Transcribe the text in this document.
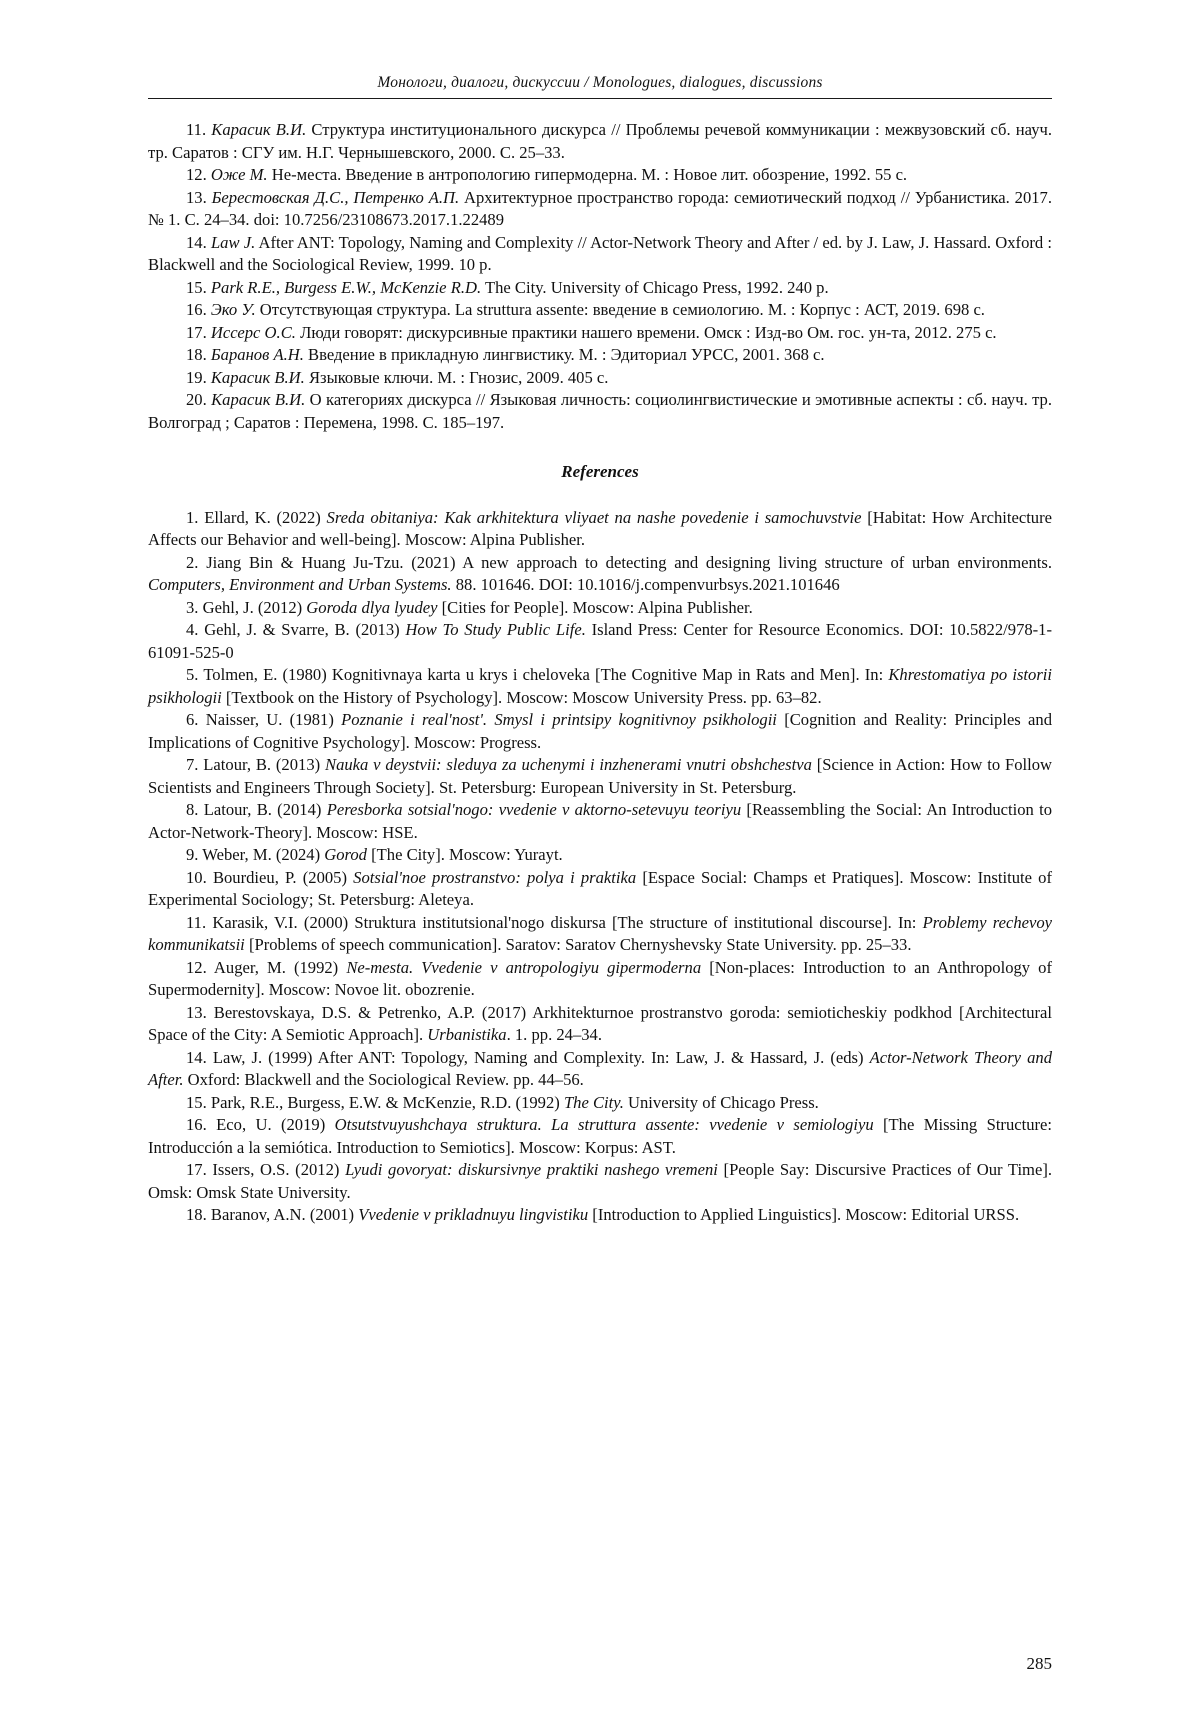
Монологи, диалоги, дискуссии / Monologues, dialogues, discussions

11. Карасик В.И. Структура институционального дискурса // Проблемы речевой коммуникации : межвузовский сб. науч. тр. Саратов : СГУ им. Н.Г. Чернышевского, 2000. С. 25–33.

12. Оже М. Не-места. Введение в антропологию гипермодерна. М. : Новое лит. обозрение, 1992. 55 с.

13. Берестовская Д.С., Петренко А.П. Архитектурное пространство города: семиотический подход // Урбанистика. 2017. № 1. С. 24–34. doi: 10.7256/23108673.2017.1.22489

14. Law J. After ANT: Topology, Naming and Complexity // Actor-Network Theory and After / ed. by J. Law, J. Hassard. Oxford : Blackwell and the Sociological Review, 1999. 10 p.

15. Park R.E., Burgess E.W., McKenzie R.D. The City. University of Chicago Press, 1992. 240 p.

16. Эко У. Отсутствующая структура. La struttura assente: введение в семиологию. М. : Корпус : АСТ, 2019. 698 с.

17. Иссерс О.С. Люди говорят: дискурсивные практики нашего времени. Омск : Изд-во Ом. гос. ун-та, 2012. 275 с.

18. Баранов А.Н. Введение в прикладную лингвистику. М. : Эдиториал УРСС, 2001. 368 с.

19. Карасик В.И. Языковые ключи. М. : Гнозис, 2009. 405 с.

20. Карасик В.И. О категориях дискурса // Языковая личность: социолингвистические и эмотивные аспекты : сб. науч. тр. Волгоград ; Саратов : Перемена, 1998. С. 185–197.

References

1. Ellard, K. (2022) Sreda obitaniya: Kak arkhitektura vliyaet na nashe povedenie i samochuvstvie [Habitat: How Architecture Affects our Behavior and well-being]. Moscow: Alpina Publisher.

2. Jiang Bin & Huang Ju-Tzu. (2021) A new approach to detecting and designing living structure of urban environments. Computers, Environment and Urban Systems. 88. 101646. DOI: 10.1016/j.compenvurbsys.2021.101646

3. Gehl, J. (2012) Goroda dlya lyudey [Cities for People]. Moscow: Alpina Publisher.

4. Gehl, J. & Svarre, B. (2013) How To Study Public Life. Island Press: Center for Resource Economics. DOI: 10.5822/978-1-61091-525-0

5. Tolmen, E. (1980) Kognitivnaya karta u krys i cheloveka [The Cognitive Map in Rats and Men]. In: Khrestomatiya po istorii psikhologii [Textbook on the History of Psychology]. Moscow: Moscow University Press. pp. 63–82.

6. Naisser, U. (1981) Poznanie i real'nost'. Smysl i printsipy kognitivnoy psikhologii [Cognition and Reality: Principles and Implications of Cognitive Psychology]. Moscow: Progress.

7. Latour, B. (2013) Nauka v deystvii: sleduya za uchenymi i inzhenerami vnutri obshchestva [Science in Action: How to Follow Scientists and Engineers Through Society]. St. Petersburg: European University in St. Petersburg.

8. Latour, B. (2014) Peresborka sotsial'nogo: vvedenie v aktorno-setevuyu teoriyu [Reassembling the Social: An Introduction to Actor-Network-Theory]. Moscow: HSE.

9. Weber, M. (2024) Gorod [The City]. Moscow: Yurayt.

10. Bourdieu, P. (2005) Sotsial'noe prostranstvo: polya i praktika [Espace Social: Champs et Pratiques]. Moscow: Institute of Experimental Sociology; St. Petersburg: Aleteya.

11. Karasik, V.I. (2000) Struktura institutsional'nogo diskursa [The structure of institutional discourse]. In: Problemy rechevoy kommunikatsii [Problems of speech communication]. Saratov: Saratov Chernyshevsky State University. pp. 25–33.

12. Auger, M. (1992) Ne-mesta. Vvedenie v antropologiyu gipermoderna [Non-places: Introduction to an Anthropology of Supermodernity]. Moscow: Novoe lit. obozrenie.

13. Berestovskaya, D.S. & Petrenko, A.P. (2017) Arkhitekturnoe prostranstvo goroda: semioticheskiy podkhod [Architectural Space of the City: A Semiotic Approach]. Urbanistika. 1. pp. 24–34.

14. Law, J. (1999) After ANT: Topology, Naming and Complexity. In: Law, J. & Hassard, J. (eds) Actor-Network Theory and After. Oxford: Blackwell and the Sociological Review. pp. 44–56.

15. Park, R.E., Burgess, E.W. & McKenzie, R.D. (1992) The City. University of Chicago Press.

16. Eco, U. (2019) Otsutstvuyushchaya struktura. La struttura assente: vvedenie v semiologiyu [The Missing Structure: Introducción a la semiótica. Introduction to Semiotics]. Moscow: Korpus: AST.

17. Issers, O.S. (2012) Lyudi govoryat: diskursivnye praktiki nashego vremeni [People Say: Discursive Practices of Our Time]. Omsk: Omsk State University.

18. Baranov, A.N. (2001) Vvedenie v prikladnuyu lingvistiku [Introduction to Applied Linguistics]. Moscow: Editorial URSS.

285
